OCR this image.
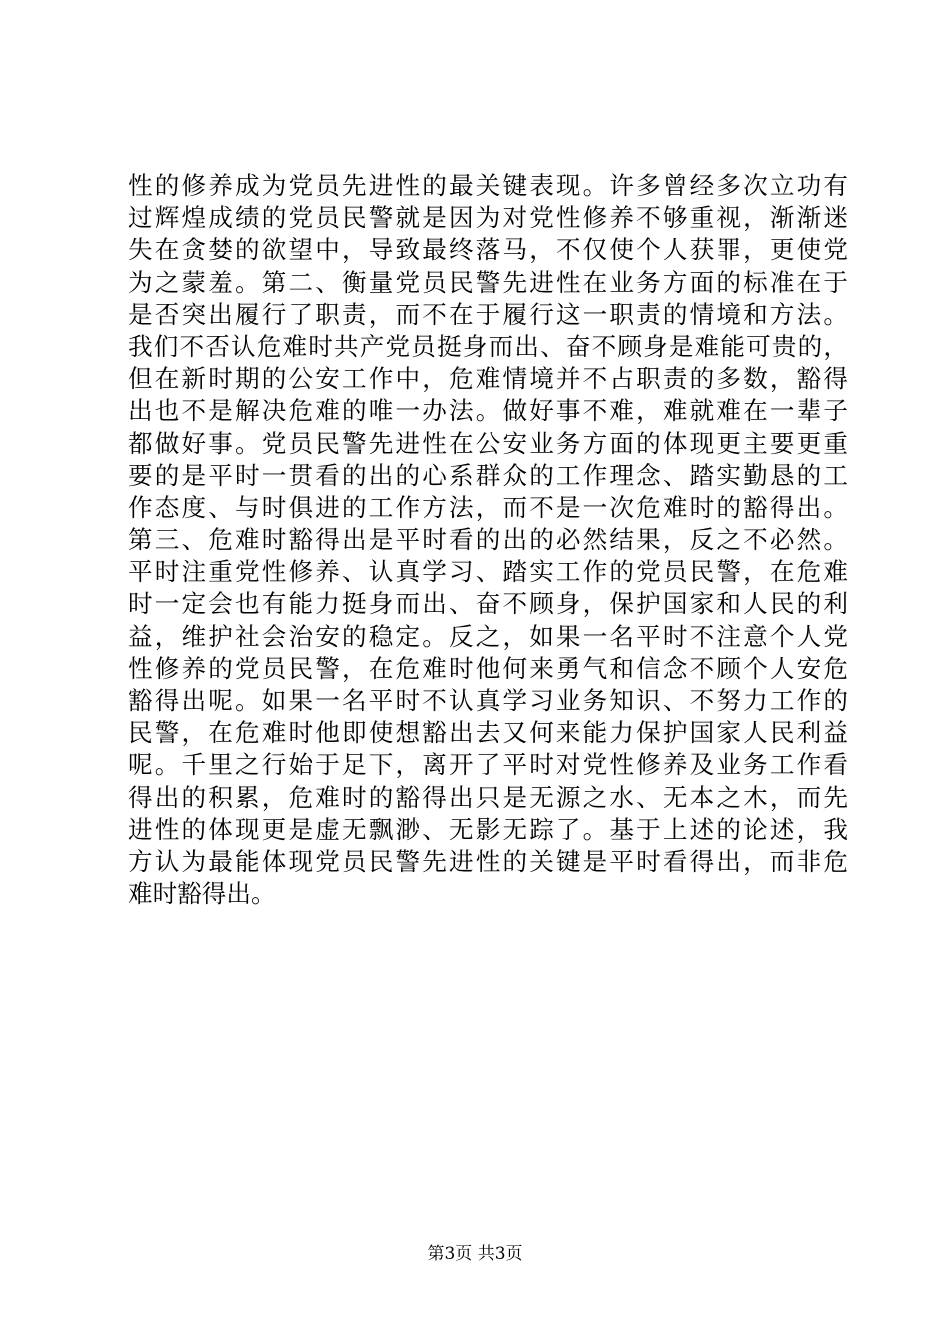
性的修养成为党员先进性的最关键表现。许多曾经多次立功有
过辉煌成绩的党员民警就是因为对党性修养不够重视，渐渐迷
失在贪婪的欲望中，导致最终落马，不仅使个人获罪，更使党
为之蒙羞。第二、衡量党员民警先进性在业务方面的标准在于
是否突出履行了职责，而不在于履行这一职责的情境和方法。
我们不否认危难时共产党员挺身而出、奋不顾身是难能可贵的，
但在新时期的公安工作中，危难情境并不占职责的多数，豁得
出也不是解决危难的唯一办法。做好事不难，难就难在一辈子
都做好事。党员民警先进性在公安业务方面的体现更主要更重
要的是平时一贯看的出的心系群众的工作理念、踏实勤恳的工
作态度、与时俱进的工作方法，而不是一次危难时的豁得出。
第三、危难时豁得出是平时看的出的必然结果，反之不必然。
平时注重党性修养、认真学习、踏实工作的党员民警，在危难
时一定会也有能力挺身而出、奋不顾身，保护国家和人民的利
益，维护社会治安的稳定。反之，如果一名平时不注意个人党
性修养的党员民警，在危难时他何来勇气和信念不顾个人安危
豁得出呢。如果一名平时不认真学习业务知识、不努力工作的
民警，在危难时他即使想豁出去又何来能力保护国家人民利益
呢。千里之行始于足下，离开了平时对党性修养及业务工作看
得出的积累，危难时的豁得出只是无源之水、无本之木，而先
进性的体现更是虚无飘渺、无影无踪了。基于上述的论述，我
方认为最能体现党员民警先进性的关键是平时看得出，而非危
难时豁得出。
第3页 共3页
